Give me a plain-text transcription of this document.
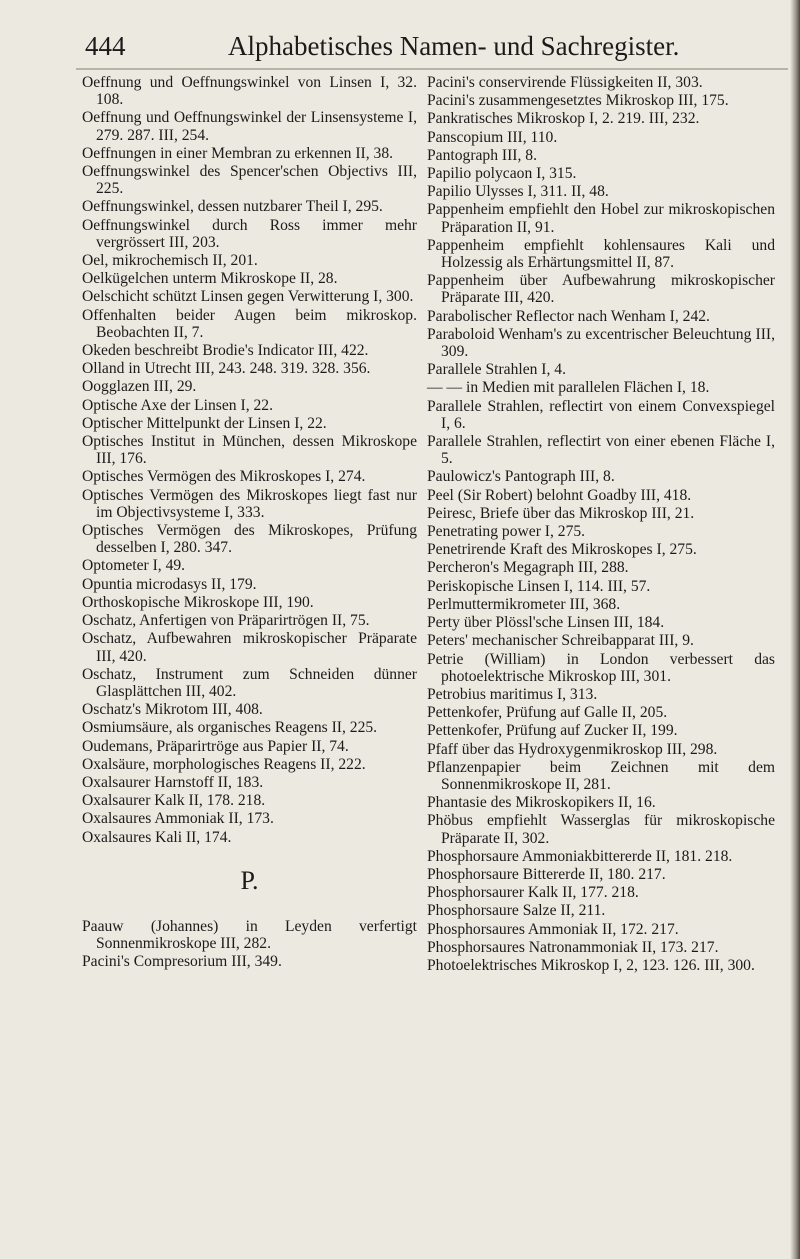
444	Alphabetisches Namen- und Sachregister.

Oeffnung und Oeffnungswinkel von Linsen I, 32. 108.

Oeffnung und Oeffnungswinkel der Linsensysteme I, 279. 287. III, 254.

Oeffnungen in einer Membran zu erkennen II, 38.

Oeffnungswinkel des Spencer'schen Objectivs III, 225.

Oeffnungswinkel, dessen nutzbarer Theil I, 295.

Oeffnungswinkel durch Ross immer mehr vergrössert III, 203.

Oel, mikrochemisch II, 201.

Oelkügelchen unterm Mikroskope II, 28.

Oelschicht schützt Linsen gegen Verwitterung I, 300.

Offenhalten beider Augen beim mikroskop. Beobachten II, 7.

Okeden beschreibt Brodie's Indicator III, 422.

Olland in Utrecht III, 243. 248. 319. 328. 356.

Oogglazen III, 29.

Optische Axe der Linsen I, 22.

Optischer Mittelpunkt der Linsen I, 22.

Optisches Institut in München, dessen Mikroskope III, 176.

Optisches Vermögen des Mikroskopes I, 274.

Optisches Vermögen des Mikroskopes liegt fast nur im Objectivsysteme I, 333.

Optisches Vermögen des Mikroskopes, Prüfung desselben I, 280. 347.

Optometer I, 49.

Opuntia microdasys II, 179.

Orthoskopische Mikroskope III, 190.

Oschatz, Anfertigen von Präparirtrögen II, 75.

Oschatz, Aufbewahren mikroskopischer Präparate III, 420.

Oschatz, Instrument zum Schneiden dünner Glasplättchen III, 402.

Oschatz's Mikrotom III, 408.

Osmiumsäure, als organisches Reagens II, 225.

Oudemans, Präparirtröge aus Papier II, 74.

Oxalsäure, morphologisches Reagens II, 222.

Oxalsaurer Harnstoff II, 183.

Oxalsaurer Kalk II, 178. 218.

Oxalsaures Ammoniak II, 173.

Oxalsaures Kali II, 174.

P.

Paauw (Johannes) in Leyden verfertigt Sonnenmikroskope III, 282.

Pacini's Compresorium III, 349.

Pacini's conservirende Flüssigkeiten II, 303.

Pacini's zusammengesetztes Mikroskop III, 175.

Pankratisches Mikroskop I, 2. 219. III, 232.

Panscopium III, 110.

Pantograph III, 8.

Papilio polycaon I, 315.

Papilio Ulysses I, 311. II, 48.

Pappenheim empfiehlt den Hobel zur mikroskopischen Präparation II, 91.

Pappenheim empfiehlt kohlensaures Kali und Holzessig als Erhärtungsmittel II, 87.

Pappenheim über Aufbewahrung mikroskopischer Präparate III, 420.

Parabolischer Reflector nach Wenham I, 242.

Paraboloid Wenham's zu excentrischer Beleuchtung III, 309.

Parallele Strahlen I, 4.

— — in Medien mit parallelen Flächen I, 18.

Parallele Strahlen, reflectirt von einem Convexspiegel I, 6.

Parallele Strahlen, reflectirt von einer ebenen Fläche I, 5.

Paulowicz's Pantograph III, 8.

Peel (Sir Robert) belohnt Goadby III, 418.

Peiresc, Briefe über das Mikroskop III, 21.

Penetrating power I, 275.

Penetrirende Kraft des Mikroskopes I, 275.

Percheron's Megagraph III, 288.

Periskopische Linsen I, 114. III, 57.

Perlmuttermikrometer III, 368.

Perty über Plössl'sche Linsen III, 184.

Peters' mechanischer Schreibapparat III, 9.

Petrie (William) in London verbessert das photoelektrische Mikroskop III, 301.

Petrobius maritimus I, 313.

Pettenkofer, Prüfung auf Galle II, 205.

Pettenkofer, Prüfung auf Zucker II, 199.

Pfaff über das Hydroxygenmikroskop III, 298.

Pflanzenpapier beim Zeichnen mit dem Sonnenmikroskope II, 281.

Phantasie des Mikroskopikers II, 16.

Phöbus empfiehlt Wasserglas für mikroskopische Präparate II, 302.

Phosphorsaure Ammoniakbittererde II, 181. 218.

Phosphorsaure Bittererde II, 180. 217.

Phosphorsaurer Kalk II, 177. 218.

Phosphorsaure Salze II, 211.

Phosphorsaures Ammoniak II, 172. 217.

Phosphorsaures Natronammoniak II, 173. 217.

Photoelektrisches Mikroskop I, 2, 123. 126. III, 300.
